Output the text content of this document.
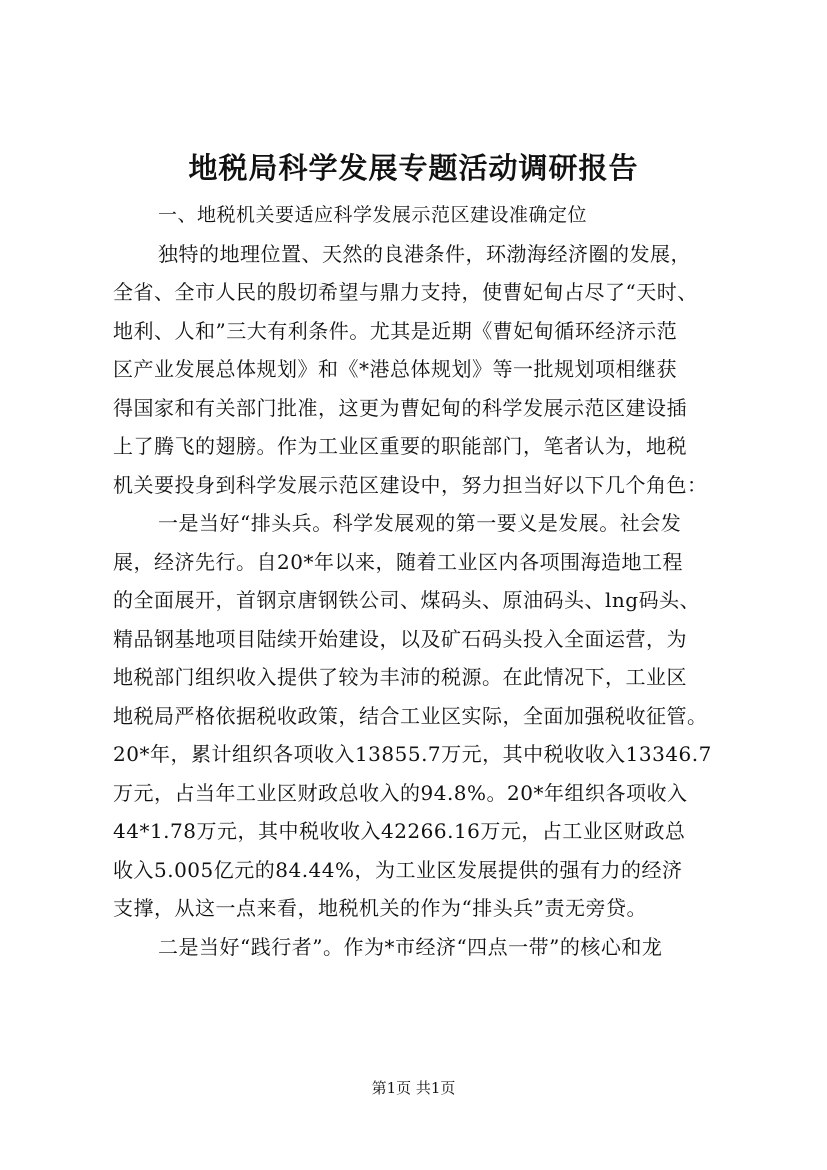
地税局科学发展专题活动调研报告
一、地税机关要适应科学发展示范区建设准确定位
独特的地理位置、天然的良港条件，环渤海经济圈的发展，
全省、全市人民的殷切希望与鼎力支持，使曹妃甸占尽了“天时、
地利、人和”三大有利条件。尤其是近期《曹妃甸循环经济示范
区产业发展总体规划》和《*港总体规划》等一批规划项相继获
得国家和有关部门批准，这更为曹妃甸的科学发展示范区建设插
上了腾飞的翅膀。作为工业区重要的职能部门，笔者认为，地税
机关要投身到科学发展示范区建设中，努力担当好以下几个角色：
一是当好“排头兵。科学发展观的第一要义是发展。社会发
展，经济先行。自20*年以来，随着工业区内各项围海造地工程
的全面展开，首钢京唐钢铁公司、煤码头、原油码头、lng码头、
精品钢基地项目陆续开始建设，以及矿石码头投入全面运营，为
地税部门组织收入提供了较为丰沛的税源。在此情况下，工业区
地税局严格依据税收政策，结合工业区实际，全面加强税收征管。
20*年，累计组织各项收入13855.7万元，其中税收收入13346.7
万元，占当年工业区财政总收入的94.8%。20*年组织各项收入
44*1.78万元，其中税收收入42266.16万元，占工业区财政总
收入5.005亿元的84.44%，为工业区发展提供的强有力的经济
支撑，从这一点来看，地税机关的作为“排头兵”责无旁贷。
二是当好“践行者”。作为*市经济“四点一带”的核心和龙
第1页 共1页
